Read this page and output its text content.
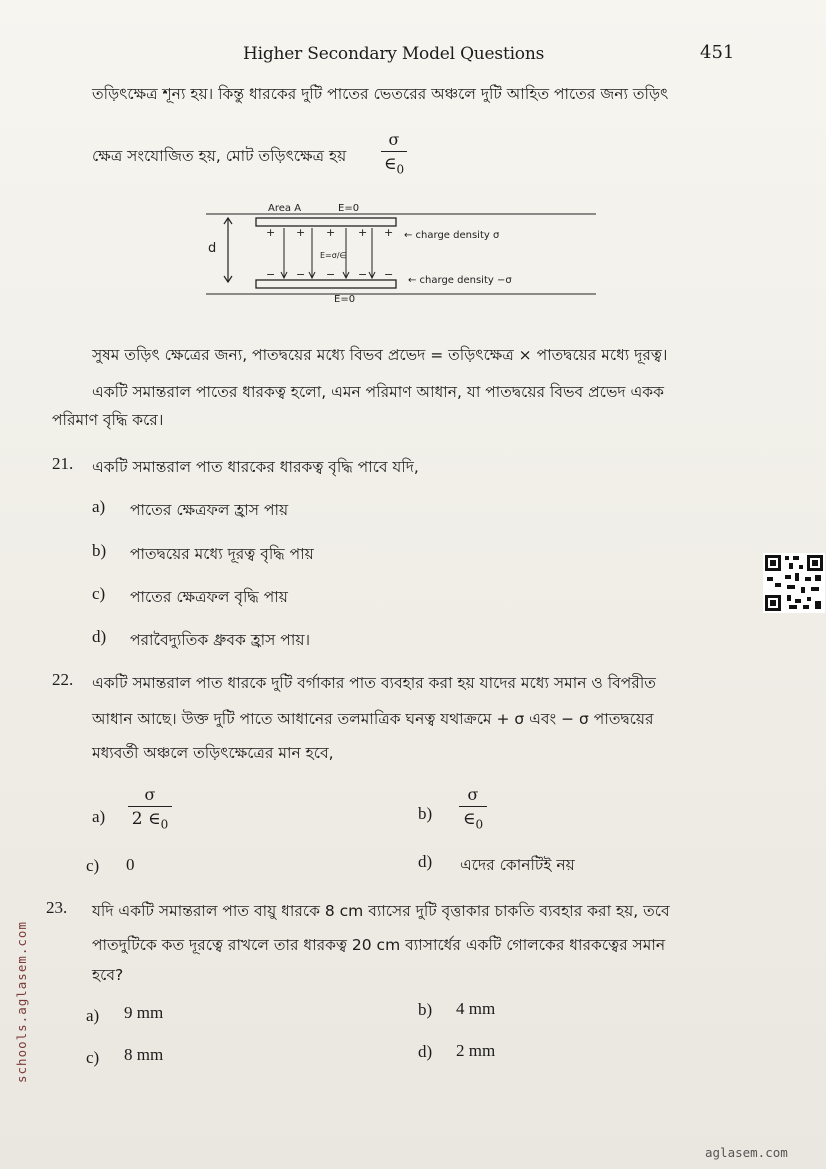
Higher Secondary Model Questions	451
তড়িৎক্ষেত্র শূন্য হয়। কিন্তু ধারকের দুটি পাতের ভেতরের অঞ্চলে দুটি আহিত পাতের জন্য তড়িৎ
ক্ষেত্র সংযোজিত হয়, মোট তড়িৎক্ষেত্র হয়
σ
$\in_0$
Area A	E=0
E=0
d	E=σ/∈
+ + + + +
− − − − −
← charge density σ
← charge density −σ
সুষম তড়িৎ ক্ষেত্রের জন্য, পাতদ্বয়ের মধ্যে বিভব প্রভেদ = তড়িৎক্ষেত্র × পাতদ্বয়ের মধ্যে দূরত্ব।
একটি সমান্তরাল পাতের ধারকত্ব হলো, এমন পরিমাণ আধান, যা পাতদ্বয়ের বিভব প্রভেদ একক
পরিমাণ বৃদ্ধি করে।
21. একটি সমান্তরাল পাত ধারকের ধারকত্ব বৃদ্ধি পাবে যদি,
a) পাতের ক্ষেত্রফল হ্রাস পায়
b) পাতদ্বয়ের মধ্যে দূরত্ব বৃদ্ধি পায়
c) পাতের ক্ষেত্রফল বৃদ্ধি পায়
d) পরাবৈদ্যুতিক ধ্রুবক হ্রাস পায়।
22. একটি সমান্তরাল পাত ধারকে দুটি বর্গাকার পাত ব্যবহার করা হয় যাদের মধ্যে সমান ও বিপরীত
আধান আছে। উক্ত দুটি পাতে আধানের তলমাত্রিক ঘনত্ব যথাক্রমে + σ এবং − σ পাতদ্বয়ের
মধ্যবর্তী অঞ্চলে তড়িৎক্ষেত্রের মান হবে,
a)
σ
2 $\in_0$
b)
σ
$\in_0$
c) 0	d) এদের কোনটিই নয়
23. যদি একটি সমান্তরাল পাত বায়ু ধারকে 8 cm ব্যাসের দুটি বৃত্তাকার চাকতি ব্যবহার করা হয়, তবে
পাতদুটিকে কত দূরত্বে রাখলে তার ধারকত্ব 20 cm ব্যাসার্ধের একটি গোলকের ধারকত্বের সমান
হবে?
a) 9 mm	b) 4 mm
c) 8 mm	d) 2 mm
schools.aglasem.com
aglasem.com
